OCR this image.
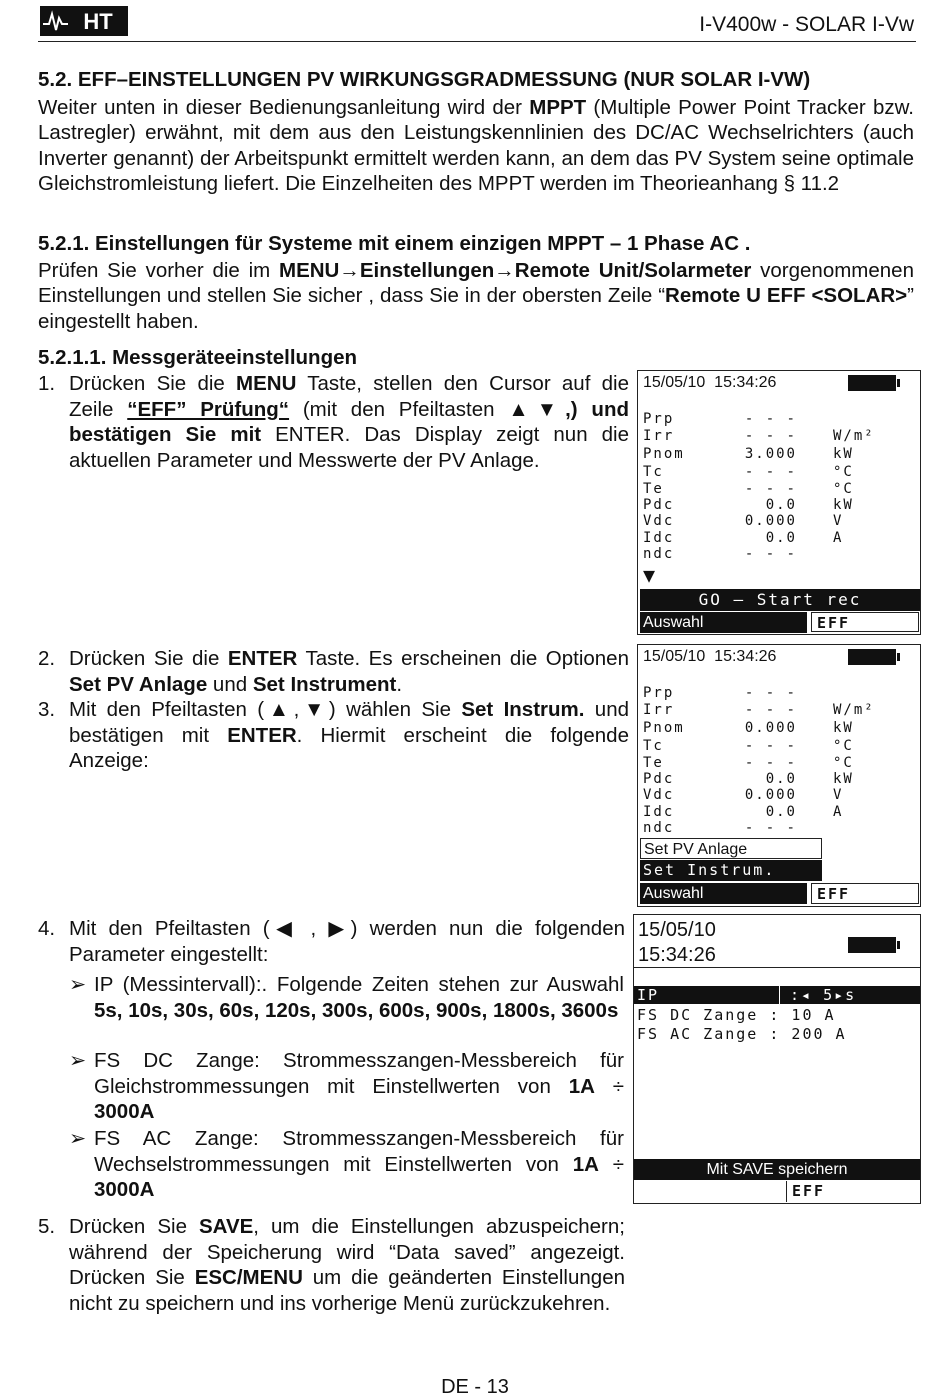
HT	I-V400w - SOLAR I-Vw
5.2. EFF–EINSTELLUNGEN PV WIRKUNGSGRADMESSUNG (NUR SOLAR I-VW)
Weiter unten in dieser Bedienungsanleitung wird der MPPT (Multiple Power Point Tracker bzw. Lastregler) erwähnt, mit dem aus den Leistungskennlinien des DC/AC Wechselrichters (auch Inverter genannt) der Arbeitspunkt ermittelt werden kann, an dem das PV System seine optimale Gleichstromleistung liefert. Die Einzelheiten des MPPT werden im Theorieanhang § 11.2
5.2.1. Einstellungen für Systeme mit einem einzigen MPPT – 1 Phase AC .
Prüfen Sie vorher die im MENU→Einstellungen→Remote Unit/Solarmeter vorgenommenen Einstellungen und stellen Sie sicher , dass Sie in der obersten Zeile “Remote U EFF <SOLAR>” eingestellt haben.
5.2.1.1. Messgeräteeinstellungen
1. Drücken Sie die MENU Taste, stellen den Cursor auf die Zeile “EFF” Prüfung“ (mit den Pfeiltasten ▲▼,) und bestätigen Sie mit ENTER. Das Display zeigt nun die aktuellen Parameter und Messwerte der PV Anlage.
15/05/10 15:34:26
Prp	- - -
Irr	- - -	W/m²
Pnom	3.000	kW
Tc	- - -	°C
Te	- - -	°C
Pdc	0.0	kW
Vdc	0.000	V
Idc	0.0	A
ndc	- - -
▼
GO – Start rec
Auswahl	EFF
2. Drücken Sie die ENTER Taste. Es erscheinen die Optionen Set PV Anlage und Set Instrument.
3. Mit den Pfeiltasten (▲,▼) wählen Sie Set Instrum. und bestätigen mit ENTER. Hiermit erscheint die folgende Anzeige:
15/05/10 15:34:26
Prp	- - -
Irr	- - -	W/m²
Pnom	0.000	kW
Tc	- - -	°C
Te	- - -	°C
Pdc	0.0	kW
Vdc	0.000	V
Idc	0.0	A
ndc	- - -
Set PV Anlage
Set Instrum.
Auswahl	EFF
4. Mit den Pfeiltasten (◀ , ▶) werden nun die folgenden Parameter eingestellt:
➢ IP (Messintervall):. Folgende Zeiten stehen zur Auswahl 5s, 10s, 30s, 60s, 120s, 300s, 600s, 900s, 1800s, 3600s
➢ FS DC Zange: Strommesszangen-Messbereich für Gleichstrommessungen mit Einstellwerten von 1A ÷ 3000A
➢ FS AC Zange: Strommesszangen-Messbereich für Wechselstrommessungen mit Einstellwerten von 1A ÷ 3000A
15/05/10
15:34:26
IP	:◂ 5▸s
FS DC Zange : 10 A
FS AC Zange : 200 A
Mit SAVE speichern
EFF
5. Drücken Sie SAVE, um die Einstellungen abzuspeichern; während der Speicherung wird “Data saved” angezeigt. Drücken Sie ESC/MENU um die geänderten Einstellungen nicht zu speichern und ins vorherige Menü zurückzukehren.
DE - 13
